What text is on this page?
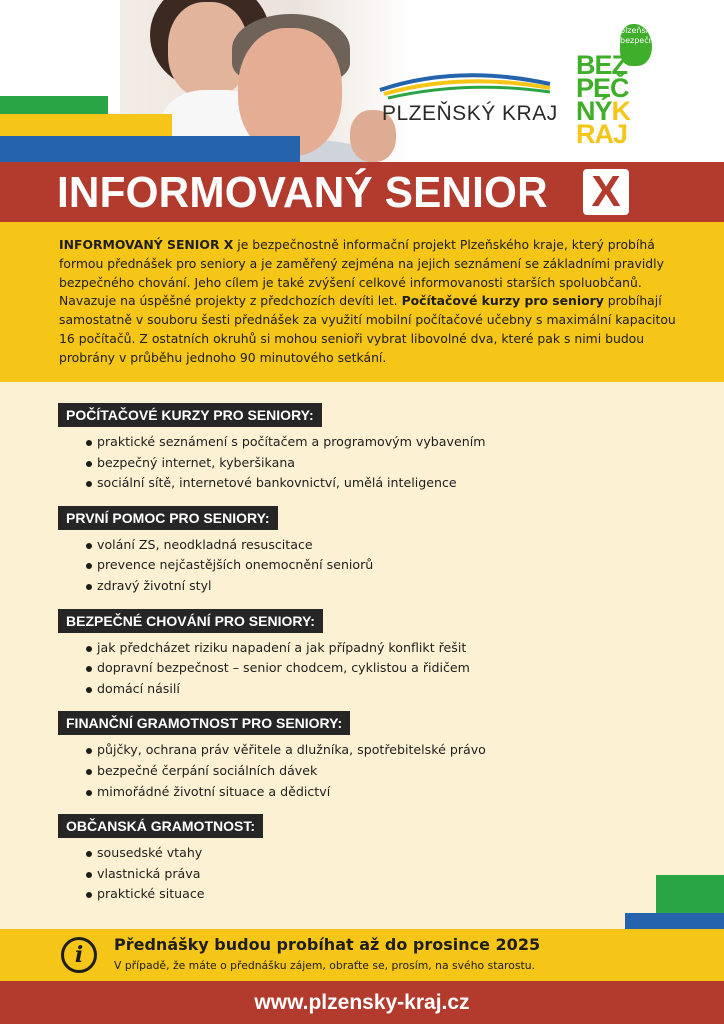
PLZEŇSKÝ KRAJ
plzeňský kraj
bezpečný kraj
BEZ
PEČ
NÝK
RAJ
INFORMOVANÝ SENIOR X

INFORMOVANÝ SENIOR X je bezpečnostně informační projekt Plzeňského kraje, který probíhá formou přednášek pro seniory a je zaměřený zejména na jejich seznámení se základními pravidly bezpečného chování. Jeho cílem je také zvýšení celkové informovanosti starších spoluobčanů. Navazuje na úspěšné projekty z předchozích devíti let. Počítačové kurzy pro seniory probíhají samostatně v souboru šesti přednášek za využití mobilní počítačové učebny s maximální kapacitou 16 počítačů. Z ostatních okruhů si mohou senioři vybrat libovolné dva, které pak s nimi budou probrány v průběhu jednoho 90 minutového setkání.

POČÍTAČOVÉ KURZY PRO SENIORY:
praktické seznámení s počítačem a programovým vybavením
bezpečný internet, kyberšikana
sociální sítě, internetové bankovnictví, umělá inteligence
PRVNÍ POMOC PRO SENIORY:
volání ZS, neodkladná resuscitace
prevence nejčastějších onemocnění seniorů
zdravý životní styl
BEZPEČNÉ CHOVÁNÍ PRO SENIORY:
jak předcházet riziku napadení a jak případný konflikt řešit
dopravní bezpečnost – senior chodcem, cyklistou a řidičem
domácí násilí
FINANČNÍ GRAMOTNOST PRO SENIORY:
půjčky, ochrana práv věřitele a dlužníka, spotřebitelské právo
bezpečné čerpání sociálních dávek
mimořádné životní situace a dědictví
OBČANSKÁ GRAMOTNOST:
sousedské vtahy
vlastnická práva
praktické situace
i	Přednášky budou probíhat až do prosince 2025
V případě, že máte o přednášku zájem, obraťte se, prosím, na svého starostu.
www.plzensky-kraj.cz
